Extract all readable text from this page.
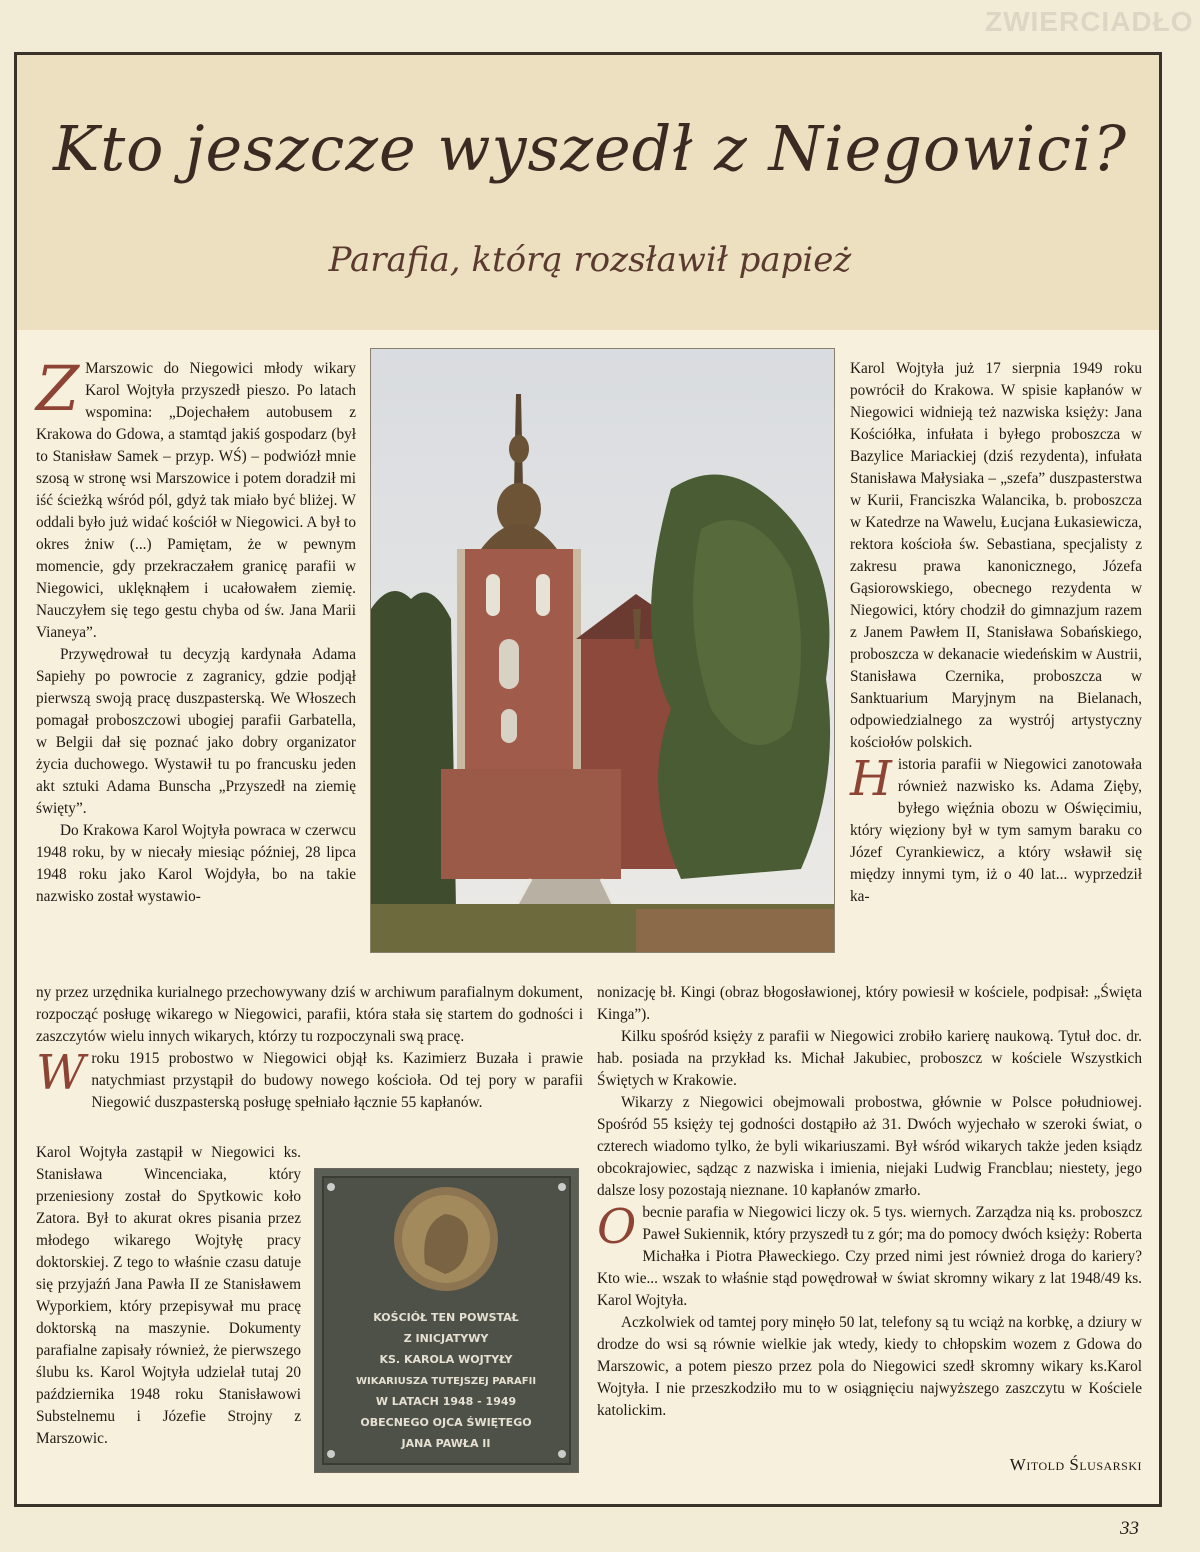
ZWIERCIADŁO
Kto jeszcze wyszedł z Niegowici?
Parafia, którą rozsławił papież
KOŚCIÓŁ TEN POWSTAŁ
Z INICJATYWY
KS. KAROLA WOJTYŁY
WIKARIUSZA TUTEJSZEJ PARAFII
W LATACH 1948 - 1949
OBECNEGO OJCA ŚWIĘTEGO
JANA PAWŁA II

Z Marszowic do Niegowici młody wikary Karol Wojtyła przyszedł pieszo. Po latach wspomina: „Dojechałem autobusem z Krakowa do Gdowa, a stamtąd jakiś gospodarz (był to Stanisław Samek – przyp. WŚ) – podwiózł mnie szosą w stronę wsi Marszowice i potem doradził mi iść ścieżką wśród pól, gdyż tak miało być bliżej. W oddali było już widać kościół w Niegowici. A był to okres żniw (...) Pamiętam, że w pewnym momencie, gdy przekraczałem granicę parafii w Niegowici, uklęknąłem i ucałowałem ziemię. Nauczyłem się tego gestu chyba od św. Jana Marii Vianeya”.

Przywędrował tu decyzją kardynała Adama Sapiehy po powrocie z zagranicy, gdzie podjął pierwszą swoją pracę duszpasterską. We Włoszech pomagał proboszczowi ubogiej parafii Garbatella, w Belgii dał się poznać jako dobry organizator życia duchowego. Wystawił tu po francusku jeden akt sztuki Adama Bunscha „Przyszedł na ziemię święty”.

Do Krakowa Karol Wojtyła powraca w czerwcu 1948 roku, by w niecały miesiąc później, 28 lipca 1948 roku jako Karol Wojdyła, bo na takie nazwisko został wystawio-

ny przez urzędnika kurialnego przechowywany dziś w archiwum parafialnym dokument, rozpocząć posługę wikarego w Niegowici, parafii, która stała się startem do godności i zaszczytów wielu innych wikarych, którzy tu rozpoczynali swą pracę.

Wroku 1915 probostwo w Niegowici objął ks. Kazimierz Buzała i prawie natychmiast przystąpił do budowy nowego kościoła. Od tej pory w parafii Niegowić duszpasterską posługę spełniało łącznie 55 kapłanów.

Karol Wojtyła zastąpił w Niegowici ks. Stanisława Wincenciaka, który przeniesiony został do Spytkowic koło Zatora. Był to akurat okres pisania przez młodego wikarego Wojtyłę pracy doktorskiej. Z tego to właśnie czasu datuje się przyjaźń Jana Pawła II ze Stanisławem Wyporkiem, który przepisywał mu pracę doktorską na maszynie. Dokumenty parafialne zapisały również, że pierwszego ślubu ks. Karol Wojtyła udzielał tutaj 20 października 1948 roku Stanisławowi Substelnemu i Józefie Strojny z Marszowic.

Karol Wojtyła już 17 sierpnia 1949 roku powrócił do Krakowa. W spisie kapłanów w Niegowici widnieją też nazwiska księży: Jana Kościółka, infułata i byłego proboszcza w Bazylice Mariackiej (dziś rezydenta), infułata Stanisława Małysiaka – „szefa” duszpasterstwa w Kurii, Franciszka Walancika, b. proboszcza w Katedrze na Wawelu, Łucjana Łukasiewicza, rektora kościoła św. Sebastiana, specjalisty z zakresu prawa kanonicznego, Józefa Gąsiorowskiego, obecnego rezydenta w Niegowici, który chodził do gimnazjum razem z Janem Pawłem II, Stanisława Sobańskiego, proboszcza w dekanacie wiedeńskim w Austrii, Stanisława Czernika, proboszcza w Sanktuarium Maryjnym na Bielanach, odpowiedzialnego za wystrój artystyczny kościołów polskich.

Historia parafii w Niegowici zanotowała również nazwisko ks. Adama Zięby, byłego więźnia obozu w Oświęcimiu, który więziony był w tym samym baraku co Józef Cyrankiewicz, a który wsławił się między innymi tym, iż o 40 lat... wyprzedził ka-

nonizację bł. Kingi (obraz błogosławionej, który powiesił w kościele, podpisał: „Święta Kinga”).

Kilku spośród księży z parafii w Niegowici zrobiło karierę naukową. Tytuł doc. dr. hab. posiada na przykład ks. Michał Jakubiec, proboszcz w kościele Wszystkich Świętych w Krakowie.

Wikarzy z Niegowici obejmowali probostwa, głównie w Polsce południowej. Spośród 55 księży tej godności dostąpiło aż 31. Dwóch wyjechało w szeroki świat, o czterech wiadomo tylko, że byli wikariuszami. Był wśród wikarych także jeden ksiądz obcokrajowiec, sądząc z nazwiska i imienia, niejaki Ludwig Francblau; niestety, jego dalsze losy pozostają nieznane. 10 kapłanów zmarło.

Obecnie parafia w Niegowici liczy ok. 5 tys. wiernych. Zarządza nią ks. proboszcz Paweł Sukiennik, który przyszedł tu z gór; ma do pomocy dwóch księży: Roberta Michałka i Piotra Pławeckiego. Czy przed nimi jest również droga do kariery? Kto wie... wszak to właśnie stąd powędrował w świat skromny wikary z lat 1948/49 ks. Karol Wojtyła.

Aczkolwiek od tamtej pory minęło 50 lat, telefony są tu wciąż na korbkę, a dziury w drodze do wsi są równie wielkie jak wtedy, kiedy to chłopskim wozem z Gdowa do Marszowic, a potem pieszo przez pola do Niegowici szedł skromny wikary ks.Karol Wojtyła. I nie przeszkodziło mu to w osiągnięciu najwyższego zaszczytu w Kościele katolickim.

Witold Ślusarski
33
